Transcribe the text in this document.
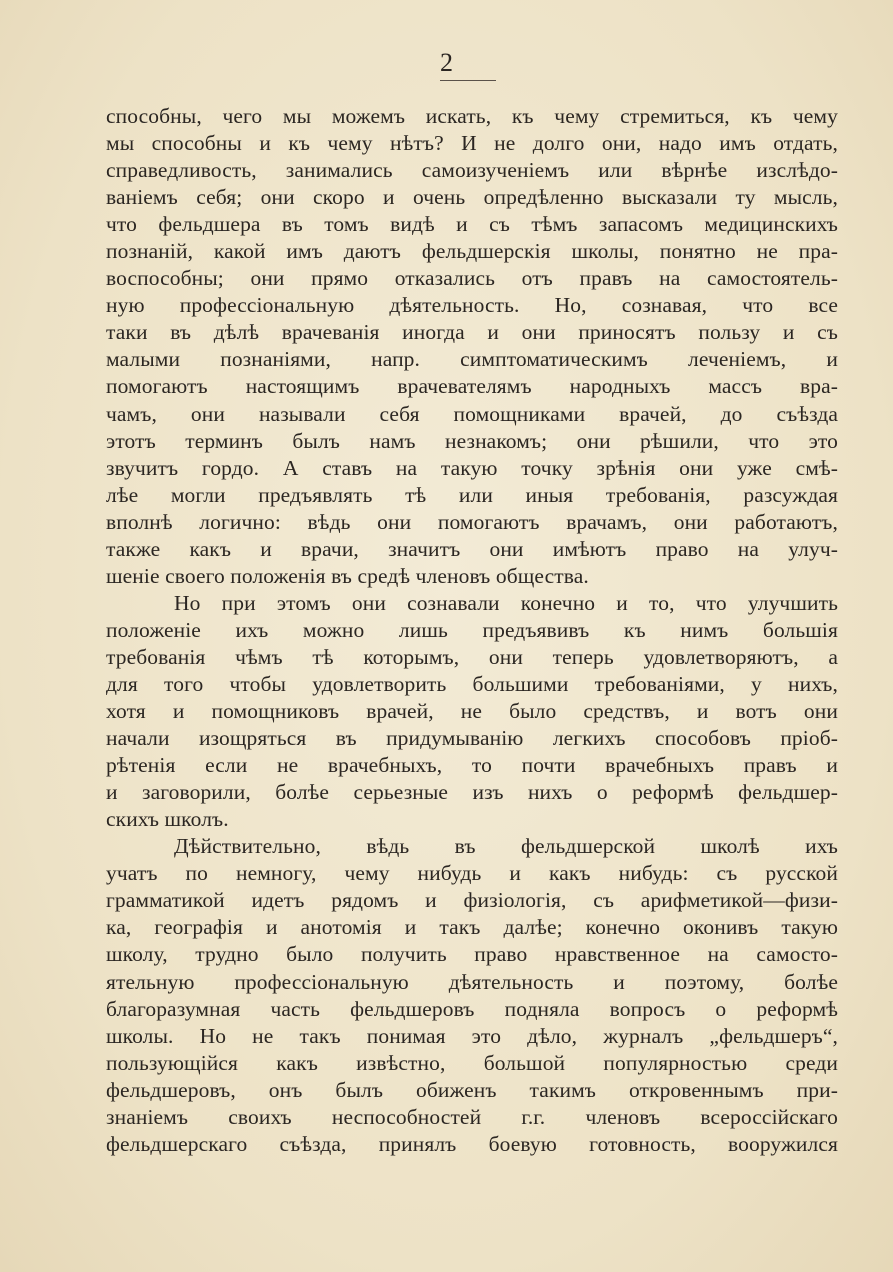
2
способны, чего мы можемъ искать, къ чему стремиться, къ чему
мы способны и къ чему нѣтъ? И не долго они, надо имъ отдать,
справедливость, занимались самоизученіемъ или вѣрнѣе изслѣдо-
ваніемъ себя; они скоро и очень опредѣленно высказали ту мысль,
что фельдшера въ томъ видѣ и съ тѣмъ запасомъ медицинскихъ
познаній, какой имъ даютъ фельдшерскія школы, понятно не пра-
воспособны; они прямо отказались отъ правъ на самостоятель-
ную профессіональную дѣятельность. Но, сознавая, что все
таки въ дѣлѣ врачеванія иногда и они приносятъ пользу и съ
малыми познаніями, напр. симптоматическимъ леченіемъ, и
помогаютъ настоящимъ врачевателямъ народныхъ массъ вра-
чамъ, они называли себя помощниками врачей, до съѣзда
этотъ терминъ былъ намъ незнакомъ; они рѣшили, что это
звучитъ гордо. А ставъ на такую точку зрѣнія они уже смѣ-
лѣе могли предъявлять тѣ или иныя требованія, разсуждая
вполнѣ логично: вѣдь они помогаютъ врачамъ, они работаютъ,
также какъ и врачи, значитъ они имѣютъ право на улуч-
шеніе своего положенія въ средѣ членовъ общества.
Но при этомъ они сознавали конечно и то, что улучшить
положеніе ихъ можно лишь предъявивъ къ нимъ большія
требованія чѣмъ тѣ которымъ, они теперь удовлетворяютъ, а
для того чтобы удовлетворить большими требованіями, у нихъ,
хотя и помощниковъ врачей, не было средствъ, и вотъ они
начали изощряться въ придумыванію легкихъ способовъ пріоб-
рѣтенія если не врачебныхъ, то почти врачебныхъ правъ и
и заговорили, болѣе серьезные изъ нихъ о реформѣ фельдшер-
скихъ школъ.
Дѣйствительно, вѣдь въ фельдшерской школѣ ихъ
учатъ по немногу, чему нибудь и какъ нибудь: съ русской
грамматикой идетъ рядомъ и физіологія, съ арифметикой—физи-
ка, географія и анотомія и такъ далѣе; конечно оконивъ такую
школу, трудно было получить право нравственное на самосто-
ятельную профессіональную дѣятельность и поэтому, болѣе
благоразумная часть фельдшеровъ подняла вопросъ о реформѣ
школы. Но не такъ понимая это дѣло, журналъ „фельдшеръ“,
пользующійся какъ извѣстно, большой популярностью среди
фельдшеровъ, онъ былъ обиженъ такимъ откровеннымъ при-
знаніемъ своихъ неспособностей г.г. членовъ всероссійскаго
фельдшерскаго съѣзда, принялъ боевую готовность, вооружился
